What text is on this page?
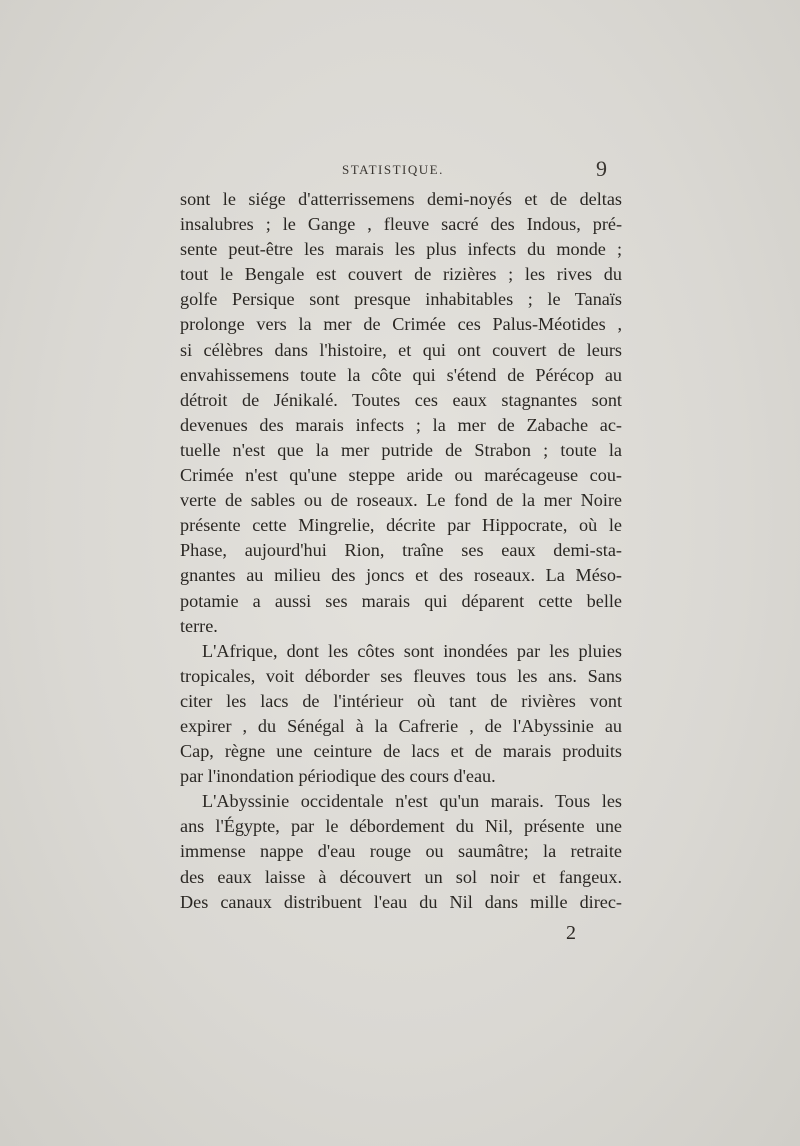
STATISTIQUE.	9
sont le siége d'atterrissemens demi-noyés et de deltas
insalubres ; le Gange , fleuve sacré des Indous, pré-
sente peut-être les marais les plus infects du monde ;
tout le Bengale est couvert de rizières ; les rives du
golfe Persique sont presque inhabitables ; le Tanaïs
prolonge vers la mer de Crimée ces Palus-Méotides ,
si célèbres dans l'histoire, et qui ont couvert de leurs
envahissemens toute la côte qui s'étend de Pérécop au
détroit de Jénikalé. Toutes ces eaux stagnantes sont
devenues des marais infects ; la mer de Zabache ac-
tuelle n'est que la mer putride de Strabon ; toute la
Crimée n'est qu'une steppe aride ou marécageuse cou-
verte de sables ou de roseaux. Le fond de la mer Noire
présente cette Mingrelie, décrite par Hippocrate, où le
Phase, aujourd'hui Rion, traîne ses eaux demi-sta-
gnantes au milieu des joncs et des roseaux. La Méso-
potamie a aussi ses marais qui déparent cette belle
terre.
L'Afrique, dont les côtes sont inondées par les pluies
tropicales, voit déborder ses fleuves tous les ans. Sans
citer les lacs de l'intérieur où tant de rivières vont
expirer , du Sénégal à la Cafrerie , de l'Abyssinie au
Cap, règne une ceinture de lacs et de marais produits
par l'inondation périodique des cours d'eau.
L'Abyssinie occidentale n'est qu'un marais. Tous les
ans l'Égypte, par le débordement du Nil, présente une
immense nappe d'eau rouge ou saumâtre; la retraite
des eaux laisse à découvert un sol noir et fangeux.
Des canaux distribuent l'eau du Nil dans mille direc-
2
